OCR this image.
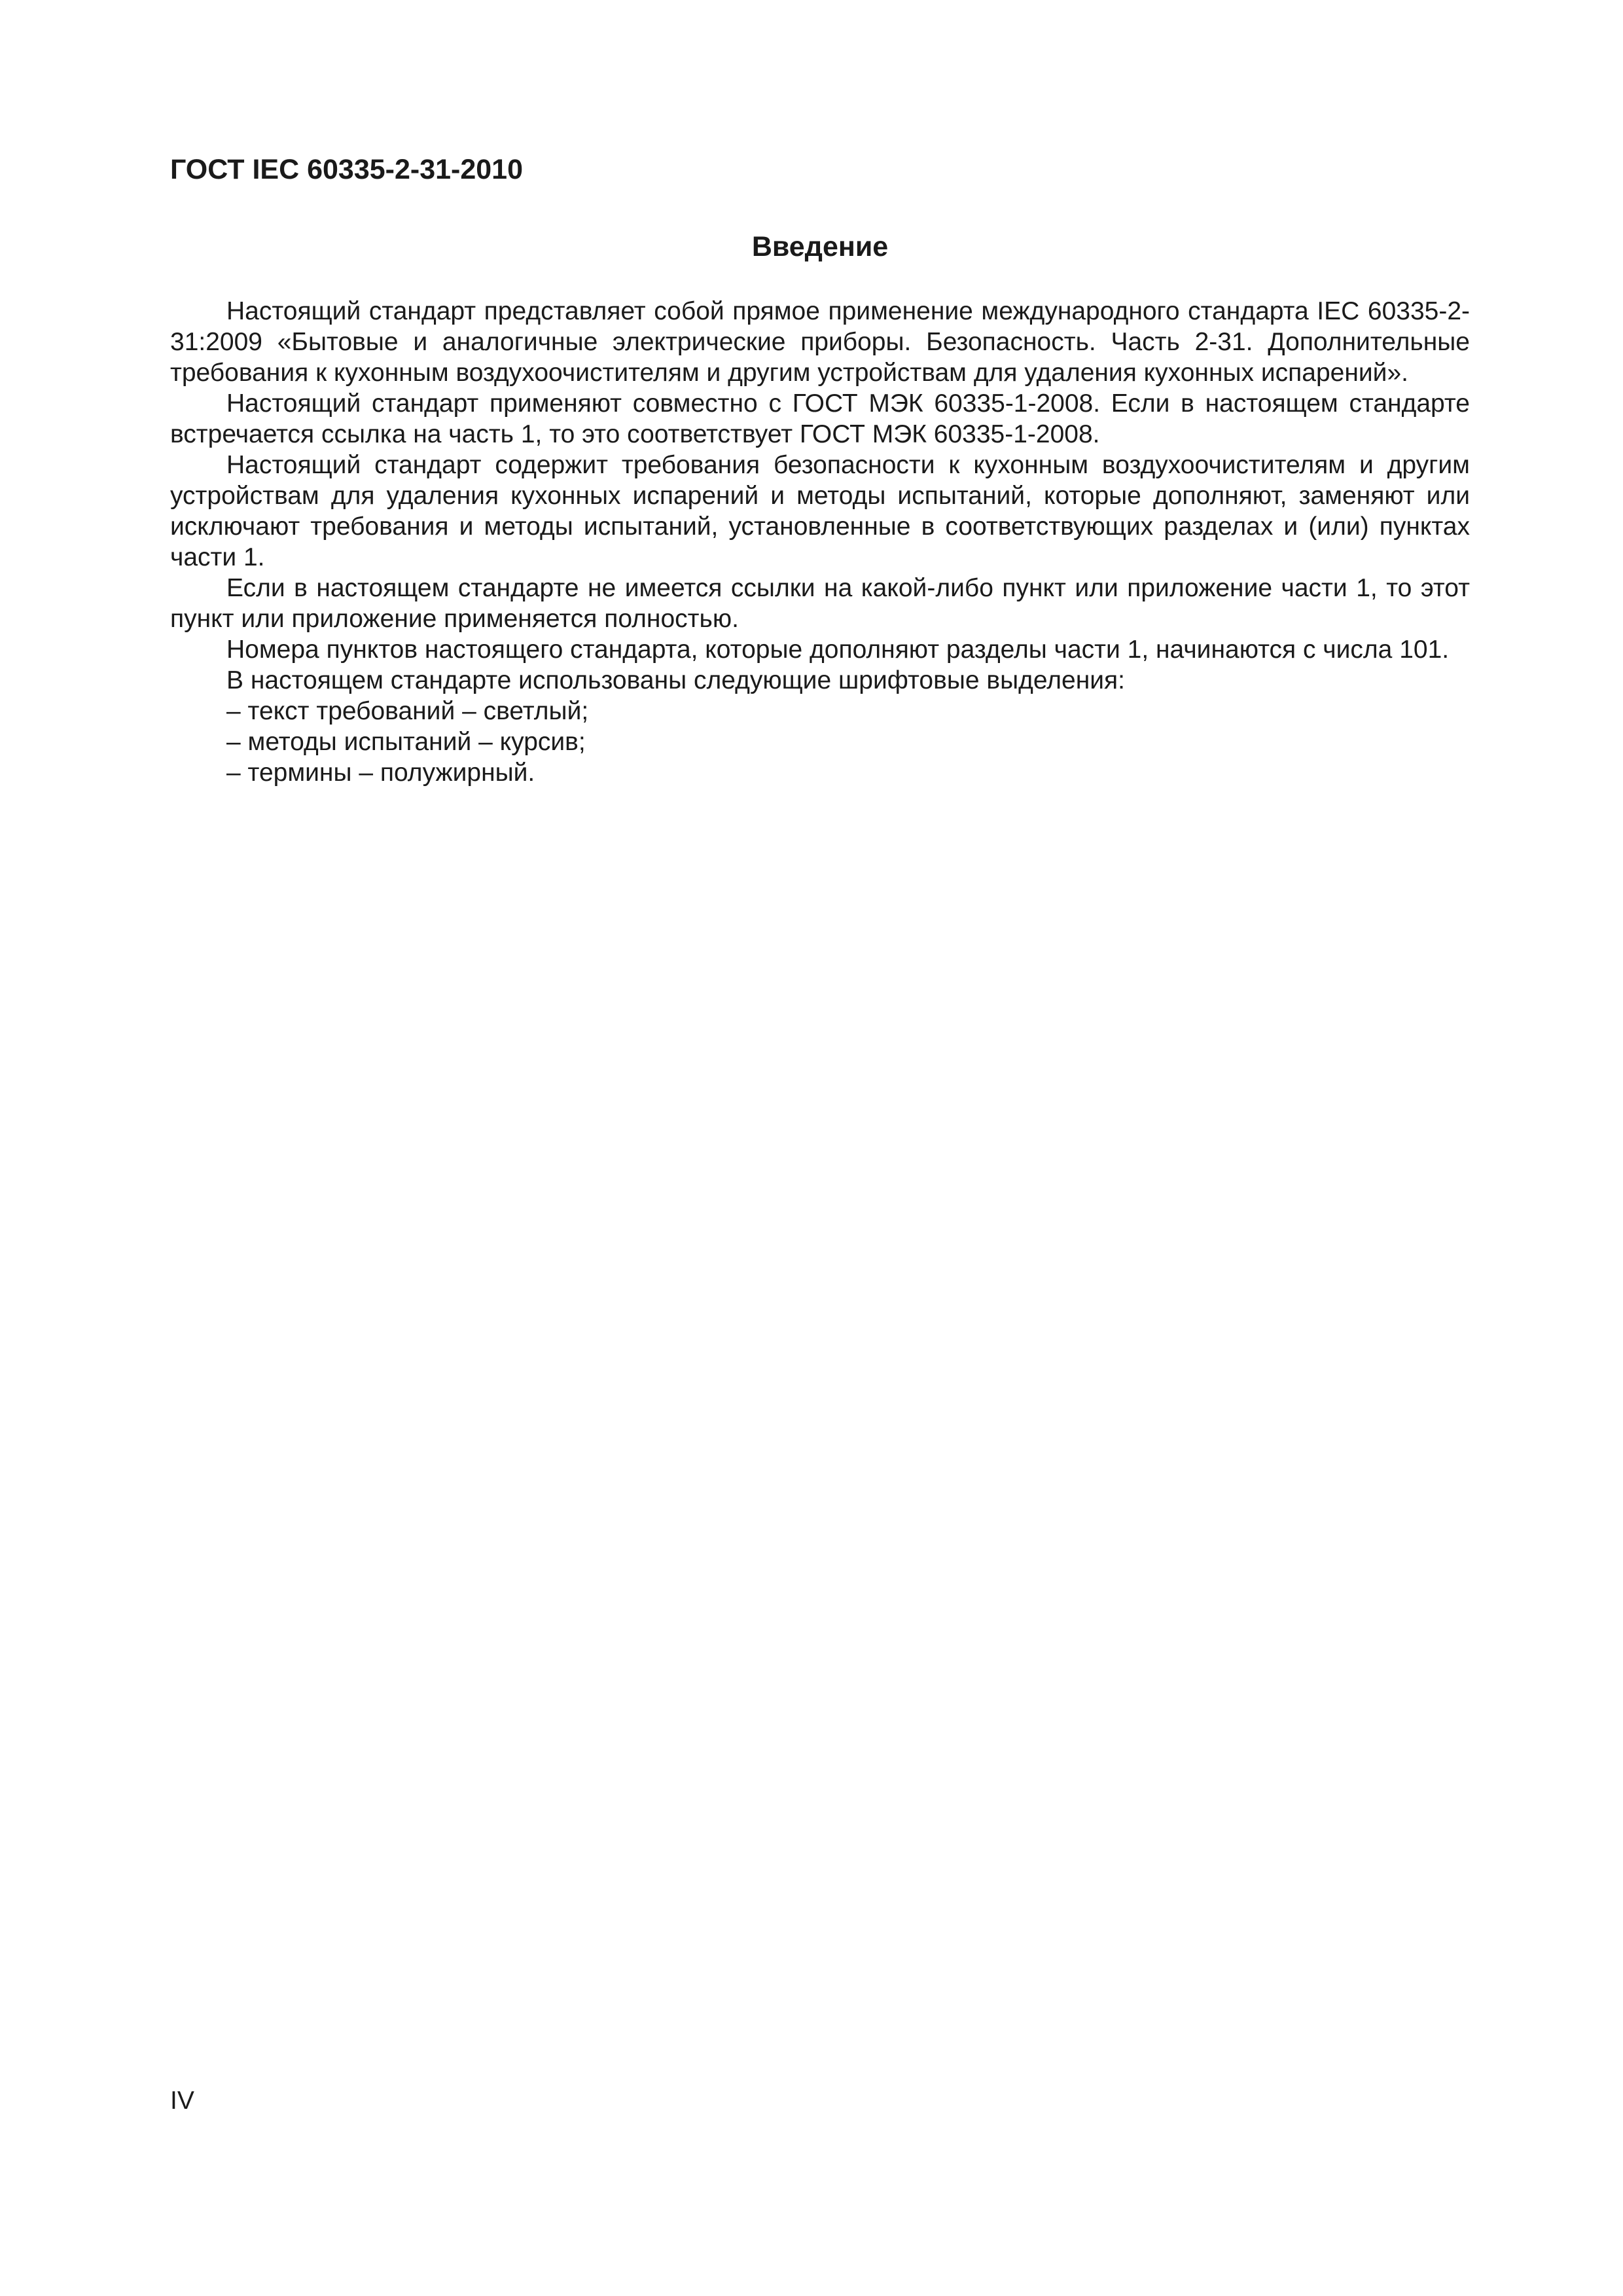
ГОСТ IEC 60335-2-31-2010
Введение

Настоящий стандарт представляет собой прямое применение международного стандарта IEC 60335-2-31:2009 «Бытовые и аналогичные электрические приборы. Безопасность. Часть 2-31. Дополнительные требования к кухонным воздухоочистителям и другим устройствам для удаления кухонных испарений».

Настоящий стандарт применяют совместно с ГОСТ МЭК 60335-1-2008. Если в настоящем стандарте встречается ссылка на часть 1, то это соответствует ГОСТ МЭК 60335-1-2008.

Настоящий стандарт содержит требования безопасности к кухонным воздухоочистителям и другим устройствам для удаления кухонных испарений и методы испытаний, которые дополняют, заменяют или исключают требования и методы испытаний, установленные в соответствующих разделах и (или) пунктах части 1.

Если в настоящем стандарте не имеется ссылки на какой-либо пункт или приложение части 1, то этот пункт или приложение применяется полностью.

Номера пунктов настоящего стандарта, которые дополняют разделы части 1, начинаются с числа 101.

В настоящем стандарте использованы следующие шрифтовые выделения:

– текст требований – светлый;

– методы испытаний – курсив;

– термины – полужирный.

IV
